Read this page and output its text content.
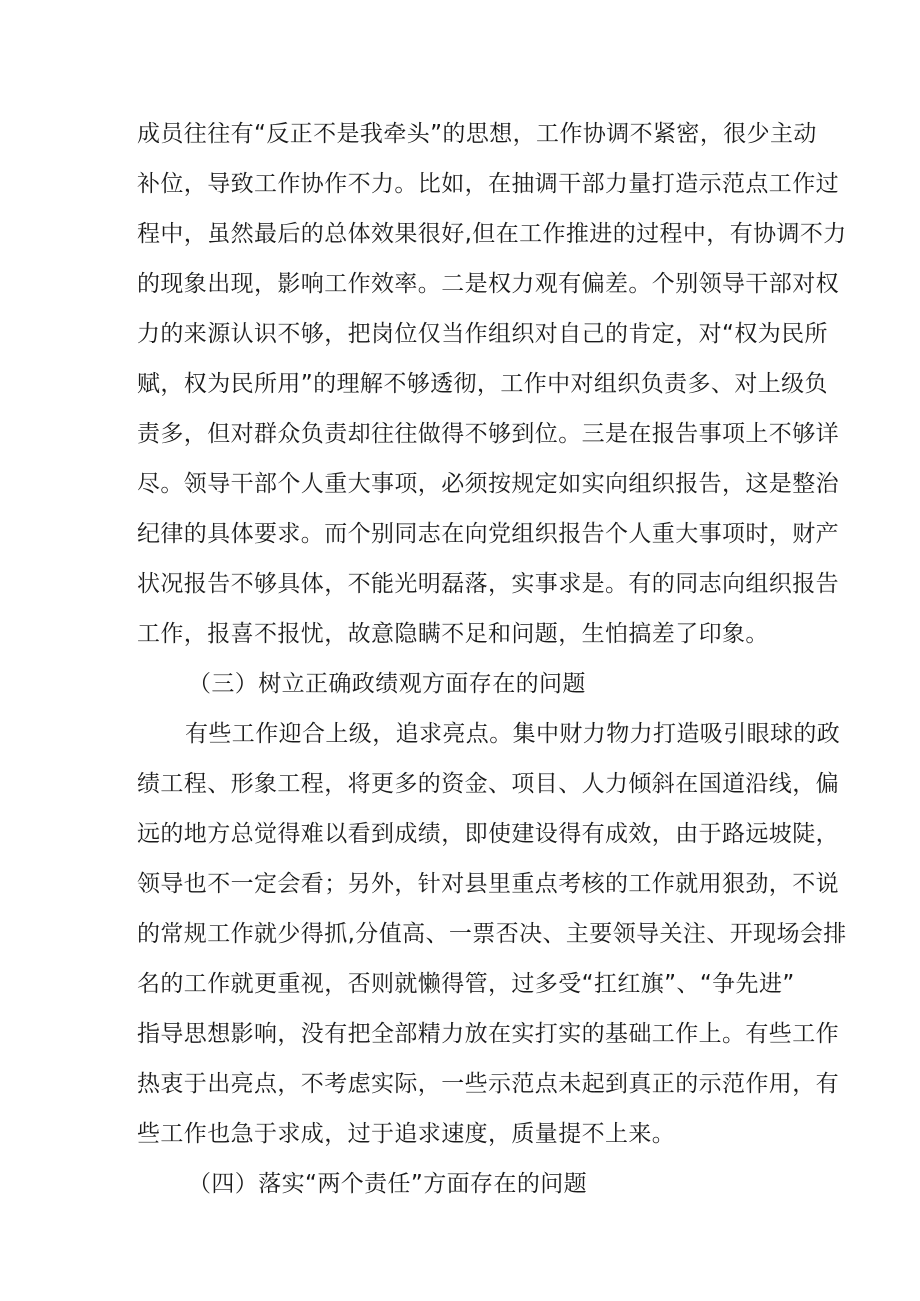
成员往往有“反正不是我牵头”的思想，工作协调不紧密，很少主动
补位，导致工作协作不力。比如，在抽调干部力量打造示范点工作过
程中，虽然最后的总体效果很好,但在工作推进的过程中，有协调不力
的现象出现，影响工作效率。二是权力观有偏差。个别领导干部对权
力的来源认识不够，把岗位仅当作组织对自己的肯定，对“权为民所
赋，权为民所用”的理解不够透彻，工作中对组织负责多、对上级负
责多，但对群众负责却往往做得不够到位。三是在报告事项上不够详
尽。领导干部个人重大事项，必须按规定如实向组织报告，这是整治
纪律的具体要求。而个别同志在向党组织报告个人重大事项时，财产
状况报告不够具体，不能光明磊落，实事求是。有的同志向组织报告
工作，报喜不报忧，故意隐瞒不足和问题，生怕搞差了印象。
（三）树立正确政绩观方面存在的问题
有些工作迎合上级，追求亮点。集中财力物力打造吸引眼球的政
绩工程、形象工程，将更多的资金、项目、人力倾斜在国道沿线，偏
远的地方总觉得难以看到成绩，即使建设得有成效，由于路远坡陡，
领导也不一定会看；另外，针对县里重点考核的工作就用狠劲，不说
的常规工作就少得抓,分值高、一票否决、主要领导关注、开现场会排
名的工作就更重视，否则就懒得管，过多受“扛红旗”、“争先进”
指导思想影响，没有把全部精力放在实打实的基础工作上。有些工作
热衷于出亮点，不考虑实际，一些示范点未起到真正的示范作用，有
些工作也急于求成，过于追求速度，质量提不上来。
（四）落实“两个责任”方面存在的问题
